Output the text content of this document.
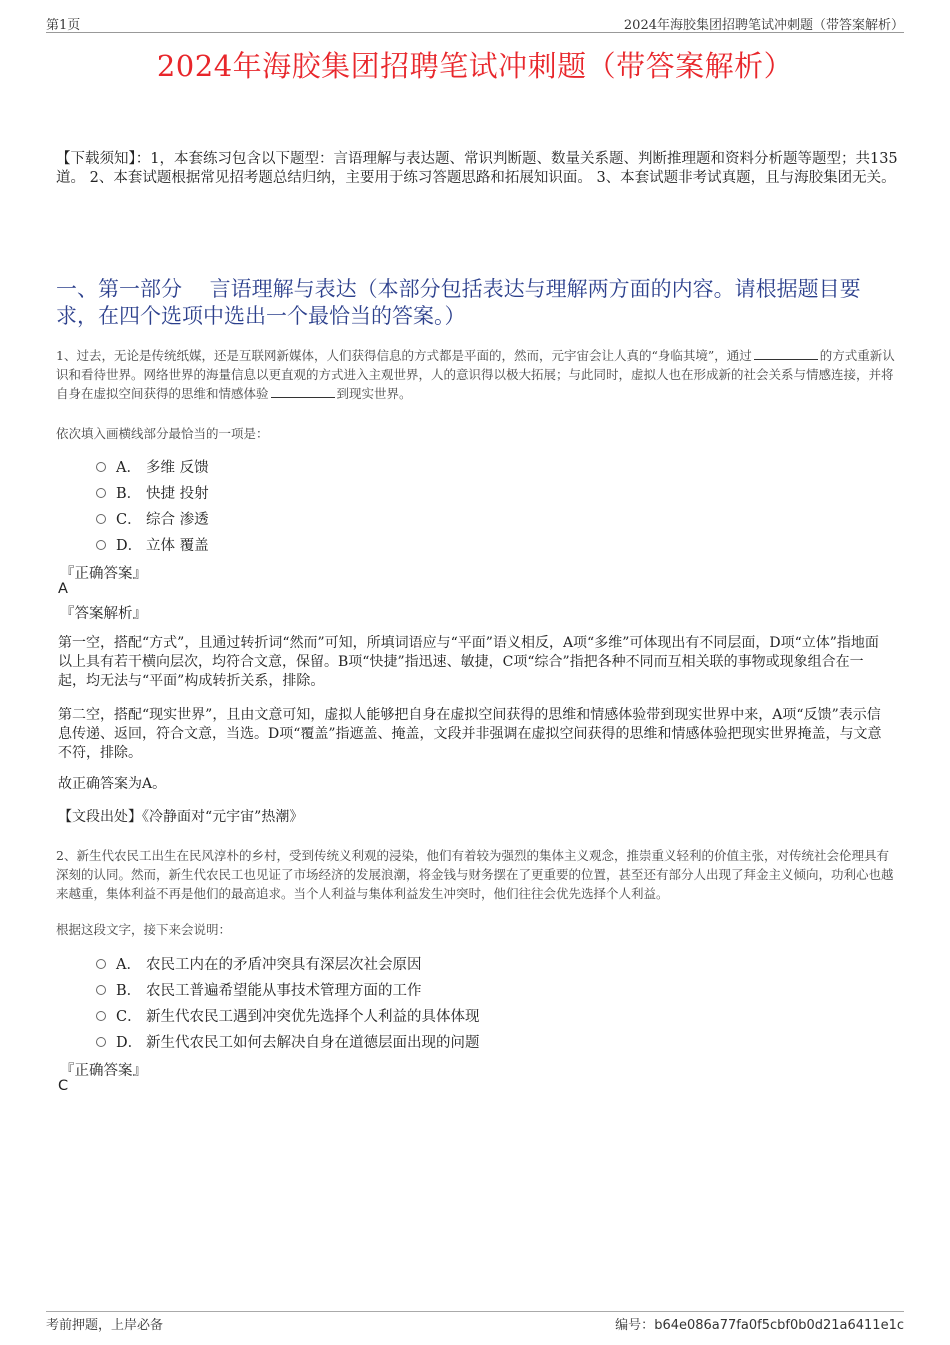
第1页	2024年海胶集团招聘笔试冲刺题（带答案解析）
2024年海胶集团招聘笔试冲刺题（带答案解析）
【下载须知】：1，本套练习包含以下题型：言语理解与表达题、常识判断题、数量关系题、判断推理题和资料分析题等题型；共135道。 2、本套试题根据常见招考题总结归纳，主要用于练习答题思路和拓展知识面。 3、本套试题非考试真题，且与海胶集团无关。
一、第一部分　 言语理解与表达（本部分包括表达与理解两方面的内容。请根据题目要求，在四个选项中选出一个最恰当的答案。）
1、过去，无论是传统纸媒，还是互联网新媒体，人们获得信息的方式都是平面的，然而，元宇宙会让人真的“身临其境”，通过	的方式重新认识和看待世界。网络世界的海量信息以更直观的方式进入主观世界，人的意识得以极大拓展；与此同时，虚拟人也在形成新的社会关系与情感连接，并将自身在虚拟空间获得的思维和情感体验	到现实世界。
依次填入画横线部分最恰当的一项是：
A． 多维 反馈
B． 快捷 投射
C． 综合 渗透
D． 立体 覆盖
『正确答案』
A
『答案解析』
第一空，搭配“方式”，且通过转折词“然而”可知，所填词语应与“平面”语义相反，A项“多维”可体现出有不同层面，D项“立体”指地面以上具有若干横向层次，均符合文意，保留。B项“快捷”指迅速、敏捷，C项“综合”指把各种不同而互相关联的事物或现象组合在一起，均无法与“平面”构成转折关系，排除。
第二空，搭配“现实世界”，且由文意可知，虚拟人能够把自身在虚拟空间获得的思维和情感体验带到现实世界中来，A项“反馈”表示信息传递、返回，符合文意，当选。D项“覆盖”指遮盖、掩盖，文段并非强调在虚拟空间获得的思维和情感体验把现实世界掩盖，与文意不符，排除。
故正确答案为A。
【文段出处】《冷静面对“元宇宙”热潮》
2、新生代农民工出生在民风淳朴的乡村，受到传统义利观的浸染，他们有着较为强烈的集体主义观念，推崇重义轻利的价值主张，对传统社会伦理具有深刻的认同。然而，新生代农民工也见证了市场经济的发展浪潮，将金钱与财务摆在了更重要的位置，甚至还有部分人出现了拜金主义倾向，功利心也越来越重，集体利益不再是他们的最高追求。当个人利益与集体利益发生冲突时，他们往往会优先选择个人利益。
根据这段文字，接下来会说明：
A． 农民工内在的矛盾冲突具有深层次社会原因
B． 农民工普遍希望能从事技术管理方面的工作
C． 新生代农民工遇到冲突优先选择个人利益的具体体现
D． 新生代农民工如何去解决自身在道德层面出现的问题
『正确答案』
C
考前押题，上岸必备	编号：b64e086a77fa0f5cbf0b0d21a6411e1c
